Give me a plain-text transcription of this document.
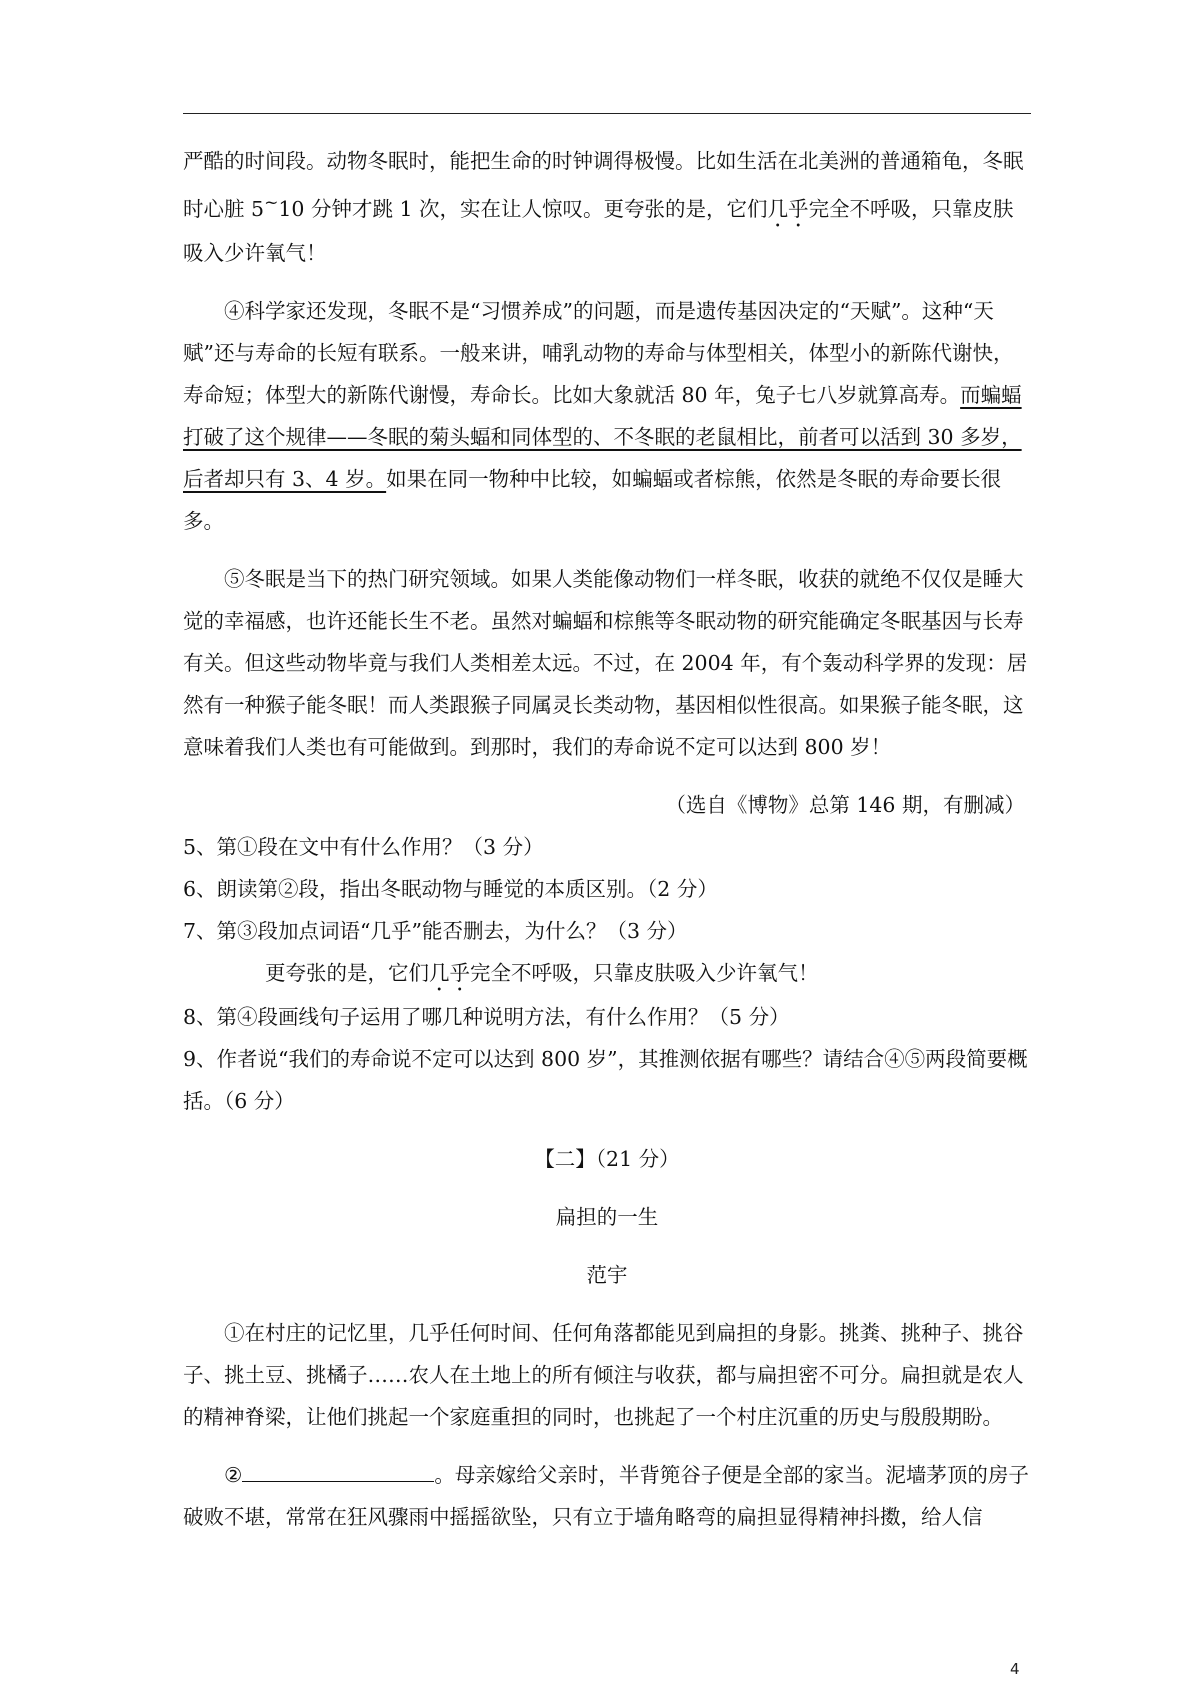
严酷的时间段。动物冬眠时，能把生命的时钟调得极慢。比如生活在北美洲的普通箱龟，冬眠时心脏 5~10 分钟才跳 1 次，实在让人惊叹。更夸张的是，它们几乎完全不呼吸，只靠皮肤吸入少许氧气！

④科学家还发现，冬眠不是“习惯养成”的问题，而是遗传基因决定的“天赋”。这种“天赋”还与寿命的长短有联系。一般来讲，哺乳动物的寿命与体型相关，体型小的新陈代谢快，寿命短；体型大的新陈代谢慢，寿命长。比如大象就活 80 年，兔子七八岁就算高寿。而蝙蝠打破了这个规律——冬眠的菊头蝠和同体型的、不冬眠的老鼠相比，前者可以活到 30 多岁，后者却只有 3、4 岁。如果在同一物种中比较，如蝙蝠或者棕熊，依然是冬眠的寿命要长很多。

⑤冬眠是当下的热门研究领域。如果人类能像动物们一样冬眠，收获的就绝不仅仅是睡大觉的幸福感，也许还能长生不老。虽然对蝙蝠和棕熊等冬眠动物的研究能确定冬眠基因与长寿有关。但这些动物毕竟与我们人类相差太远。不过，在 2004 年，有个轰动科学界的发现：居然有一种猴子能冬眠！而人类跟猴子同属灵长类动物，基因相似性很高。如果猴子能冬眠，这意味着我们人类也有可能做到。到那时，我们的寿命说不定可以达到 800 岁！

（选自《博物》总第 146 期，有删减）

5、第①段在文中有什么作用？（3 分）

6、朗读第②段，指出冬眠动物与睡觉的本质区别。（2 分）

7、第③段加点词语“几乎”能否删去，为什么？（3 分）

更夸张的是，它们几乎完全不呼吸，只靠皮肤吸入少许氧气！

8、第④段画线句子运用了哪几种说明方法，有什么作用？（5 分）

9、作者说“我们的寿命说不定可以达到 800 岁”，其推测依据有哪些？请结合④⑤两段简要概括。（6 分）

【二】（21 分）

扁担的一生

范宇

①在村庄的记忆里，几乎任何时间、任何角落都能见到扁担的身影。挑粪、挑种子、挑谷子、挑土豆、挑橘子……农人在土地上的所有倾注与收获，都与扁担密不可分。扁担就是农人的精神脊梁，让他们挑起一个家庭重担的同时，也挑起了一个村庄沉重的历史与殷殷期盼。

②	。母亲嫁给父亲时，半背篼谷子便是全部的家当。泥墙茅顶的房子破败不堪，常常在狂风骤雨中摇摇欲坠，只有立于墙角略弯的扁担显得精神抖擞，给人信

4
